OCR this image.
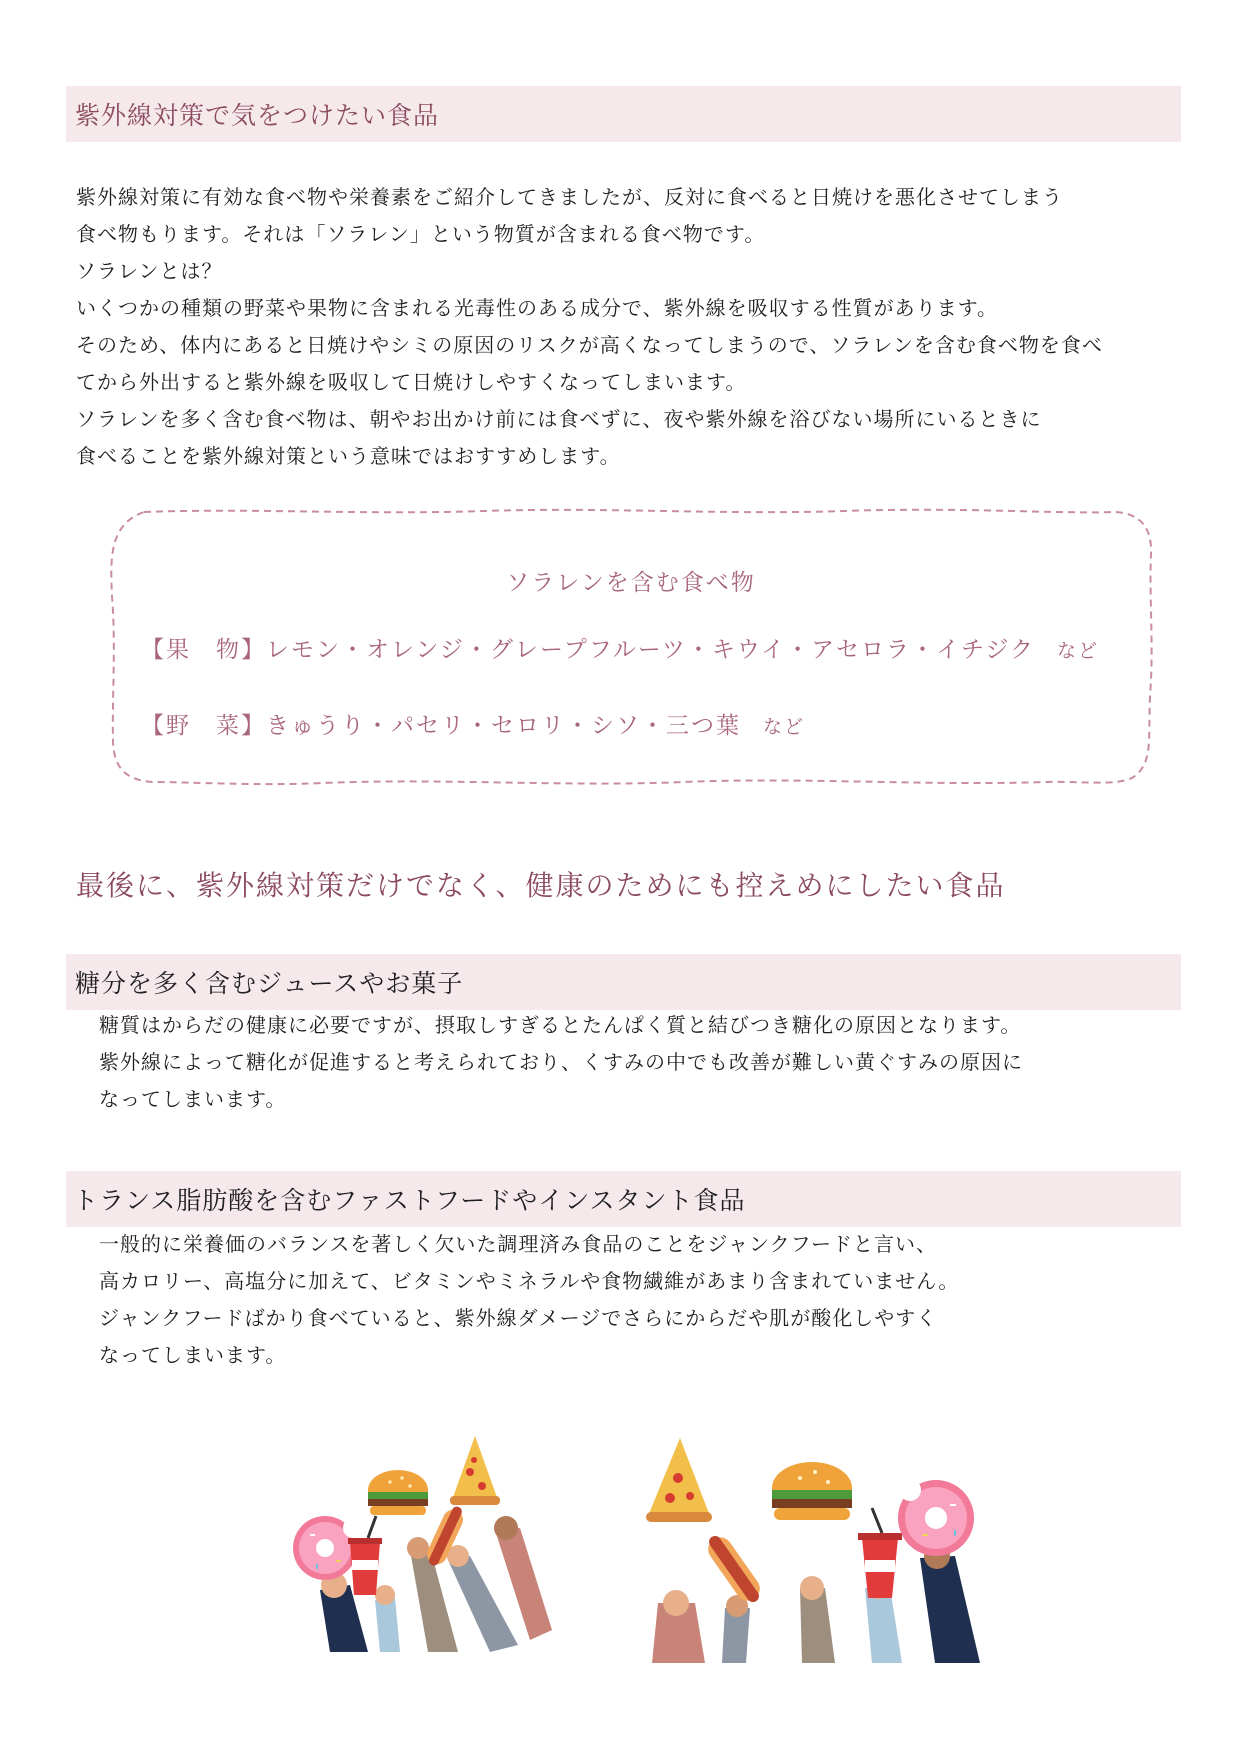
紫外線対策で気をつけたい食品
紫外線対策に有効な食べ物や栄養素をご紹介してきましたが、反対に食べると日焼けを悪化させてしまう
食べ物もります。それは「ソラレン」という物質が含まれる食べ物です。
ソラレンとは？
いくつかの種類の野菜や果物に含まれる光毒性のある成分で、紫外線を吸収する性質があります。
そのため、体内にあると日焼けやシミの原因のリスクが高くなってしまうので、ソラレンを含む食べ物を食べ
てから外出すると紫外線を吸収して日焼けしやすくなってしまいます。
ソラレンを多く含む食べ物は、朝やお出かけ前には食べずに、夜や紫外線を浴びない場所にいるときに
食べることを紫外線対策という意味ではおすすめします。
ソラレンを含む食べ物
【果　物】レモン・オレンジ・グレープフルーツ・キウイ・アセロラ・イチジク など
【野　菜】きゅうり・パセリ・セロリ・シソ・三つ葉 など
最後に、紫外線対策だけでなく、健康のためにも控えめにしたい食品
糖分を多く含むジュースやお菓子
糖質はからだの健康に必要ですが、摂取しすぎるとたんぱく質と結びつき糖化の原因となります。
紫外線によって糖化が促進すると考えられており、くすみの中でも改善が難しい黄ぐすみの原因に
なってしまいます。
トランス脂肪酸を含むファストフードやインスタント食品
一般的に栄養価のバランスを著しく欠いた調理済み食品のことをジャンクフードと言い、
高カロリー、高塩分に加えて、ビタミンやミネラルや食物繊維があまり含まれていません。
ジャンクフードばかり食べていると、紫外線ダメージでさらにからだや肌が酸化しやすく
なってしまいます。
